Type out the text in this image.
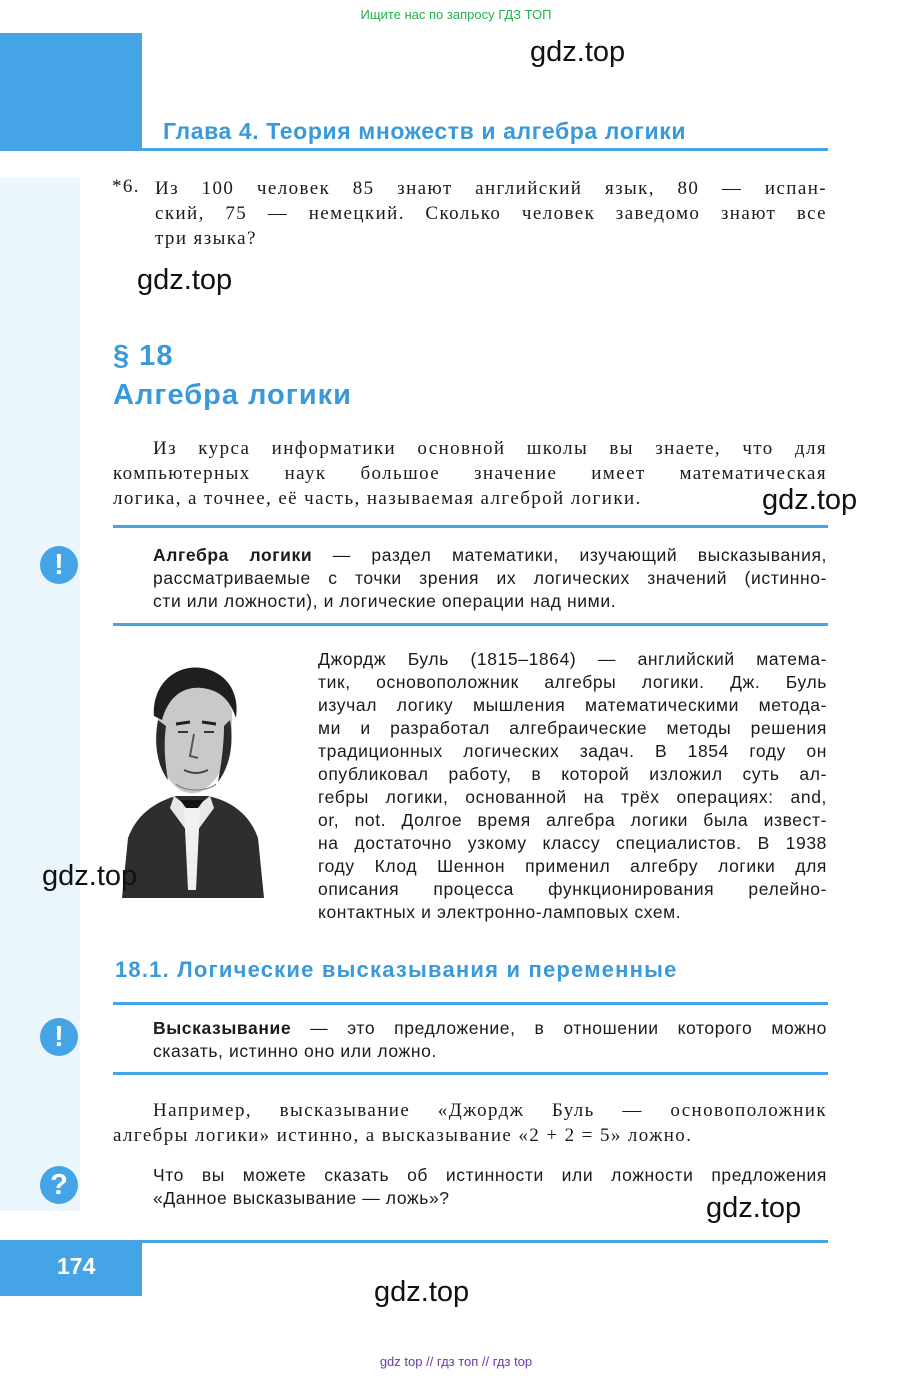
Ищите нас по запросу ГДЗ ТОП
gdz.top
Глава 4. Теория множеств и алгебра логики
*6. Из 100 человек 85 знают английский язык, 80 — испан-
ский, 75 — немецкий. Сколько человек заведомо знают все
три языка?
gdz.top
§ 18
Алгебра логики
Из курса информатики основной школы вы знаете, что для
компьютерных наук большое значение имеет математическая
логика, а точнее, её часть, называемая алгеброй логики.	gdz.top
!	Алгебра логики — раздел математики, изучающий высказывания,
рассматриваемые с точки зрения их логических значений (истинно-
сти или ложности), и логические операции над ними.
Джордж Буль (1815–1864) — английский матема-
тик, основоположник алгебры логики. Дж. Буль
изучал логику мышления математическими метода-
ми и разработал алгебраические методы решения
традиционных логических задач. В 1854 году он
опубликовал работу, в которой изложил суть ал-
гебры логики, основанной на трёх операциях: and,
or, not. Долгое время алгебра логики была извест-
на достаточно узкому классу специалистов. В 1938
году Клод Шеннон применил алгебру логики для
описания процесса функционирования релейно-
контактных и электронно-ламповых схем.
gdz.top
18.1. Логические высказывания и переменные
!	Высказывание — это предложение, в отношении которого можно
сказать, истинно оно или ложно.
Например, высказывание «Джордж Буль — основоположник
алгебры логики» истинно, а высказывание «2 + 2 = 5» ложно.
?	Что вы можете сказать об истинности или ложности предложения
«Данное высказывание — ложь»?	gdz.top
174
gdz.top
gdz top // гдз топ // гдз top
